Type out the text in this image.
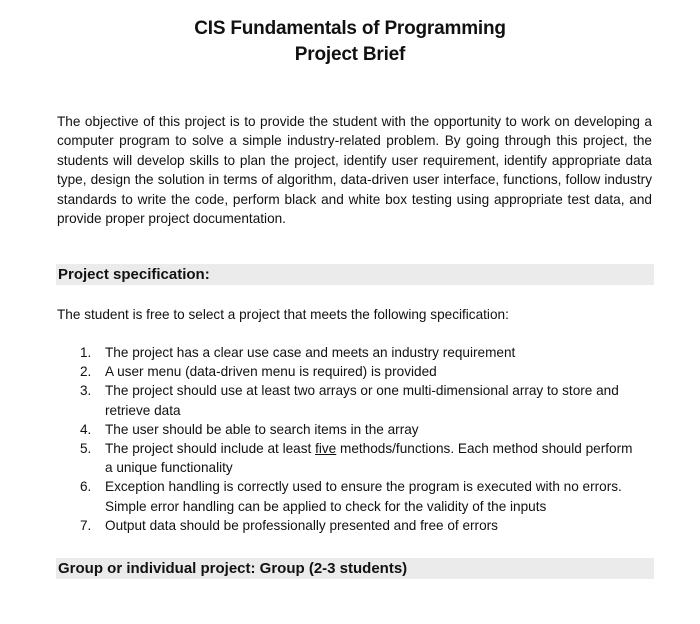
CIS Fundamentals of Programming
Project Brief

The objective of this project is to provide the student with the opportunity to work on developing a computer program to solve a simple industry-related problem. By going through this project, the students will develop skills to plan the project, identify user requirement, identify appropriate data type, design the solution in terms of algorithm, data-driven user interface, functions, follow industry standards to write the code, perform black and white box testing using appropriate test data, and provide proper project documentation.

Project specification:

The student is free to select a project that meets the following specification:

1.	The project has a clear use case and meets an industry requirement
2.	A user menu (data-driven menu is required) is provided
3.	The project should use at least two arrays or one multi-dimensional array to store and retrieve data
4.	The user should be able to search items in the array
5.	The project should include at least five methods/functions. Each method should perform a unique functionality
6.	Exception handling is correctly used to ensure the program is executed with no errors. Simple error handling can be applied to check for the validity of the inputs
7.	Output data should be professionally presented and free of errors
Group or individual project: Group (2-3 students)
